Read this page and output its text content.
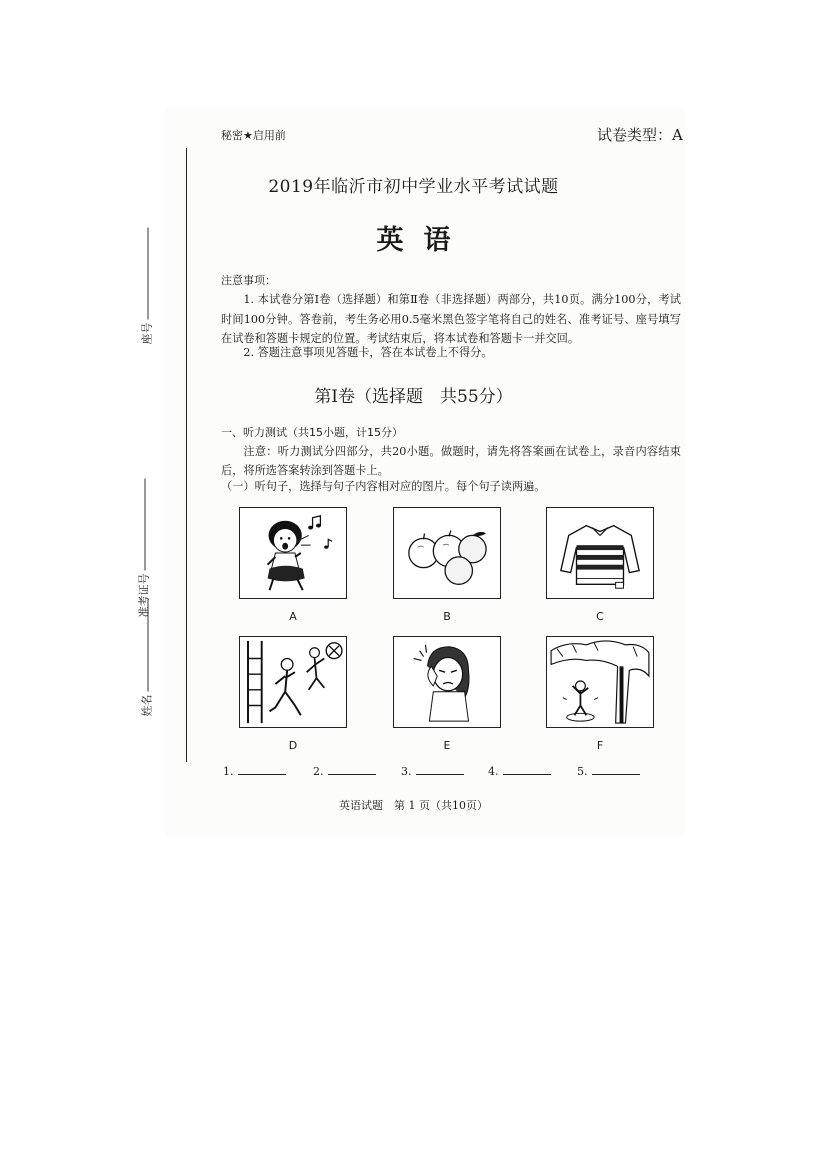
座号
准考证号
姓名
秘密★启用前	试卷类型：A
2019年临沂市初中学业水平考试试题
英语
注意事项：

1. 本试卷分第Ⅰ卷（选择题）和第Ⅱ卷（非选择题）两部分，共10页。满分100分，考试时间100分钟。答卷前，考生务必用0.5毫米黑色签字笔将自己的姓名、准考证号、座号填写在试卷和答题卡规定的位置。考试结束后，将本试卷和答题卡一并交回。

2. 答题注意事项见答题卡，答在本试卷上不得分。

第Ⅰ卷（选择题　共55分）
一、听力测试（共15小题，计15分）
注意：听力测试分四部分，共20小题。做题时，请先将答案画在试卷上，录音内容结束后，将所选答案转涂到答题卡上。
（一）听句子，选择与句子内容相对应的图片。每个句子读两遍。
A	B	C
D	E	F
1.	2.	3.	4.	5.
英语试题　第 1 页（共10页）
